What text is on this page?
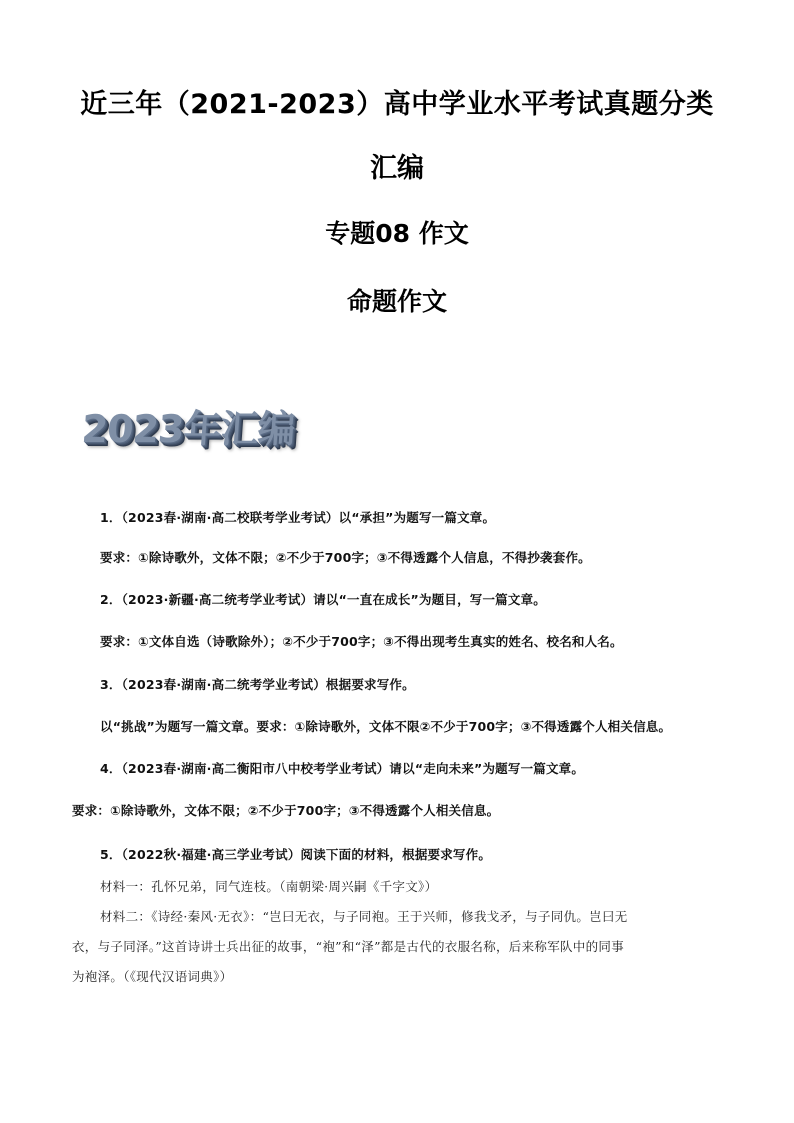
近三年（2021-2023）高中学业水平考试真题分类
汇编
专题08 作文
命题作文
2023年汇编
1．（2023春·湖南·高二校联考学业考试）以“承担”为题写一篇文章。
要求：①除诗歌外，文体不限；②不少于700字；③不得透露个人信息，不得抄袭套作。
2．（2023·新疆·高二统考学业考试）请以“一直在成长”为题目，写一篇文章。
要求：①文体自选（诗歌除外）；②不少于700字；③不得出现考生真实的姓名、校名和人名。
3．（2023春·湖南·高二统考学业考试）根据要求写作。
以“挑战”为题写一篇文章。要求：①除诗歌外，文体不限②不少于700字；③不得透露个人相关信息。
4．（2023春·湖南·高二衡阳市八中校考学业考试）请以“走向未来”为题写一篇文章。
要求：①除诗歌外，文体不限；②不少于700字；③不得透露个人相关信息。
5．（2022秋·福建·高三学业考试）阅读下面的材料，根据要求写作。
材料一：孔怀兄弟，同气连枝。（南朝梁·周兴嗣《千字文》）
材料二：《诗经·秦风·无衣》：“岂曰无衣，与子同袍。王于兴师，修我戈矛，与子同仇。岂曰无
衣，与子同泽。”这首诗讲士兵出征的故事，“袍”和“泽”都是古代的衣服名称，后来称军队中的同事
为袍泽。（《现代汉语词典》）
